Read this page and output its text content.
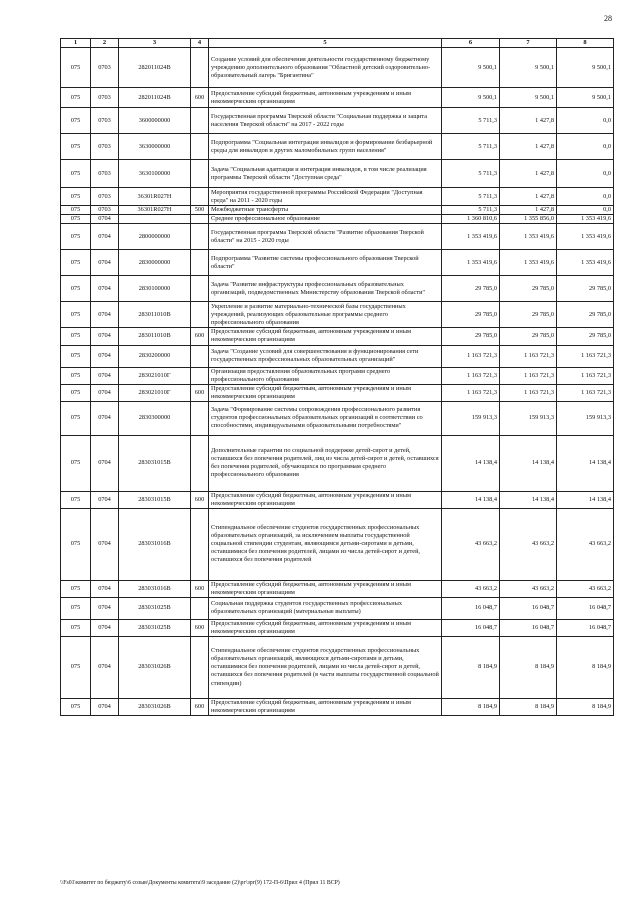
28
1	2	3	4	5	6	7	8
075	0703	282011024В		Создание условий для обеспечения деятельности государственному бюджетному учреждению дополнительного образования "Областной детский оздоровительно-образовательный лагерь "Бригантина"	9 500,1	9 500,1	9 500,1
075	0703	282011024В	600	Предоставление субсидий бюджетным, автономным учреждениям и иным некоммерческим организациям	9 500,1	9 500,1	9 500,1
075	0703	3600000000		Государственная программа Тверской области "Социальная поддержка и защита населения Тверской области" на 2017 - 2022 годы	5 711,3	1 427,8	0,0
075	0703	3630000000		Подпрограмма "Социальная интеграция инвалидов и формирование безбарьерной среды для инвалидов и других маломобильных групп населения"	5 711,3	1 427,8	0,0
075	0703	3630100000		Задача "Социальная адаптация и интеграция инвалидов, в том числе реализация программы Тверской области "Доступная среда"	5 711,3	1 427,8	0,0
075	0703	36301R027Н		Мероприятия государственной программы Российской Федерации "Доступная среда" на 2011 - 2020 годы	5 711,3	1 427,8	0,0
075	0703	36301R027Н	500	Межбюджетные трансферты	5 711,3	1 427,8	0,0
075	0704			Среднее профессиональное образование	1 360 810,6	1 355 856,0	1 353 419,6
075	0704	2800000000		Государственная программа Тверской области "Развитие образования Тверской области" на 2015 - 2020 годы	1 353 419,6	1 353 419,6	1 353 419,6
075	0704	2830000000		Подпрограмма "Развитие системы профессионального образования Тверской области"	1 353 419,6	1 353 419,6	1 353 419,6
075	0704	2830100000		Задача "Развитие инфраструктуры профессиональных образовательных организаций, подведомственных Министерству образования Тверской области"	29 785,0	29 785,0	29 785,0
075	0704	283011010В		Укрепление и развитие материально-технической базы государственных учреждений, реализующих образовательные программы среднего профессионального образования	29 785,0	29 785,0	29 785,0
075	0704	283011010В	600	Предоставление субсидий бюджетным, автономным учреждениям и иным некоммерческим организациям	29 785,0	29 785,0	29 785,0
075	0704	2830200000		Задача "Создание условий для совершенствования и функционирования сети государственных профессиональных образовательных организаций"	1 163 721,3	1 163 721,3	1 163 721,3
075	0704	283021010Г		Организация предоставления образовательных программ среднего профессионального образования	1 163 721,3	1 163 721,3	1 163 721,3
075	0704	283021010Г	600	Предоставление субсидий бюджетным, автономным учреждениям и иным некоммерческим организациям	1 163 721,3	1 163 721,3	1 163 721,3
075	0704	2830300000		Задача "Формирование системы сопровождения профессионального развития студентов профессиональных образовательных организаций в соответствии со способностями, индивидуальными образовательными потребностями"	159 913,3	159 913,3	159 913,3
075	0704	283031015В		Дополнительные гарантии по социальной поддержке детей-сирот и детей, оставшихся без попечения родителей, лиц из числа детей-сирот и детей, оставшихся без попечения родителей, обучающихся по программам среднего профессионального образования	14 138,4	14 138,4	14 138,4
075	0704	283031015В	600	Предоставление субсидий бюджетным, автономным учреждениям и иным некоммерческим организациям	14 138,4	14 138,4	14 138,4
075	0704	283031016В		Стипендиальное обеспечение студентов государственных профессиональных образовательных организаций, за исключением выплаты государственной социальной стипендии студентам, являющимся детьми-сиротами и детьми, оставшимися без попечения родителей, лицами из числа детей-сирот и детей, оставшихся без попечения родителей	43 663,2	43 663,2	43 663,2
075	0704	283031016В	600	Предоставление субсидий бюджетным, автономным учреждениям и иным некоммерческим организациям	43 663,2	43 663,2	43 663,2
075	0704	283031025В		Социальная поддержка студентов государственных профессиональных образовательных организаций (материальные выплаты)	16 048,7	16 048,7	16 048,7
075	0704	283031025В	600	Предоставление субсидий бюджетным, автономным учреждениям и иным некоммерческим организациям	16 048,7	16 048,7	16 048,7
075	0704	283031026В		Стипендиальное обеспечение студентов государственных профессиональных образовательных организаций, являющихся детьми-сиротами и детьми, оставшимися без попечения родителей, лицами из числа детей-сирот и детей, оставшихся без попечения родителей (в части выплаты государственной социальной стипендии)	8 184,9	8 184,9	8 184,9
075	0704	283031026В	600	Предоставление субсидий бюджетным, автономным учреждениям и иным некоммерческим организациям	8 184,9	8 184,9	8 184,9
\\Fs01\комитет по бюджету\6 созыв\Документы комитета\9 заседание (2)\рг\зрг(9) 172-П-6\Прил 4 (Прил 11 ВСР)
